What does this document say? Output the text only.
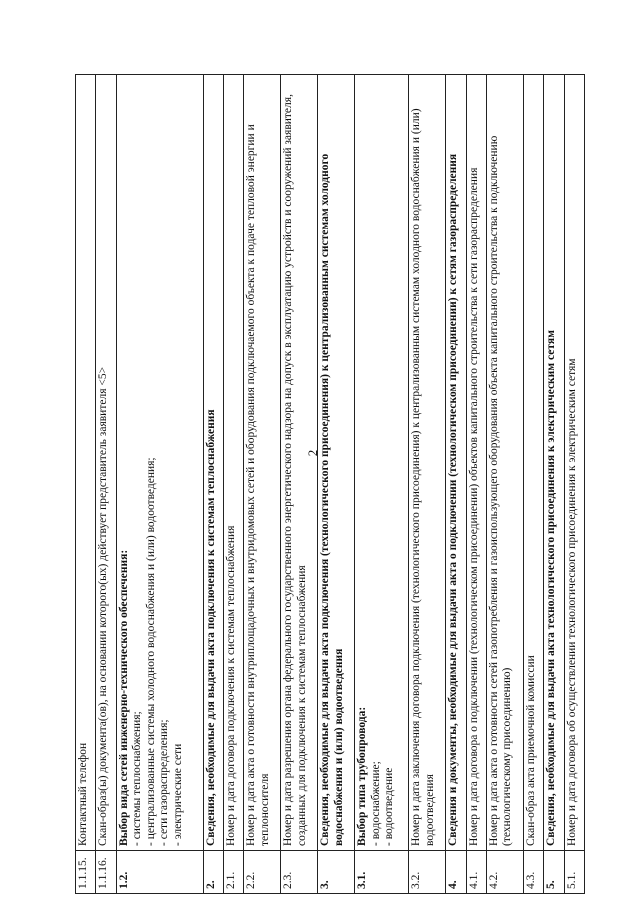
2
1.1.15.	Контактный телефон

1.1.16.	Скан-образ(ы) документа(ов), на основании которого(ых) действует представитель заявителя <5>

1.2.	Выбор вида сетей инженерно-технического обеспечения: - системы теплоснабжения; - централизованные системы холодного водоснабжения и (или) водоотведения; - сети газораспределения; - электрические сети

2.	Сведения, необходимые для выдачи акта подключения к системам теплоснабжения

2.1.	Номер и дата договора подключения к системам теплоснабжения

2.2.	Номер и дата акта о готовности внутриплощадочных и внутридомовых сетей и оборудования подключаемого объекта к подаче тепловой энергии и теплоносителя

2.3.	Номер и дата разрешения органа федерального государственного энергетического надзора на допуск в эксплуатацию устройств и сооружений заявителя, созданных для подключения к системам теплоснабжения

3.	Сведения, необходимые для выдачи акта подключения (технологического присоединения) к централизованным системам холодного водоснабжения и (или) водоотведения

3.1.	Выбор типа трубопровода: - водоснабжение; - водоотведение

3.2.	Номер и дата заключения договора подключения (технологического присоединения) к централизованным системам холодного водоснабжения и (или) водоотведения

4.	Сведения и документы, необходимые для выдачи акта о подключении (технологическом присоединении) к сетям газораспределения

4.1.	Номер и дата договора о подключении (технологическом присоединении) объектов капитального строительства к сети газораспределения

4.2.	Номер и дата акта о готовности сетей газопотребления и газоиспользующего оборудования объекта капитального строительства к подключению (технологическому присоединению)

4.3.	Скан-образ акта приемочной комиссии

5.	Сведения, необходимые для выдачи акта технологического присоединения к электрическим сетям

5.1.	Номер и дата договора об осуществлении технологического присоединения к электрическим сетям
